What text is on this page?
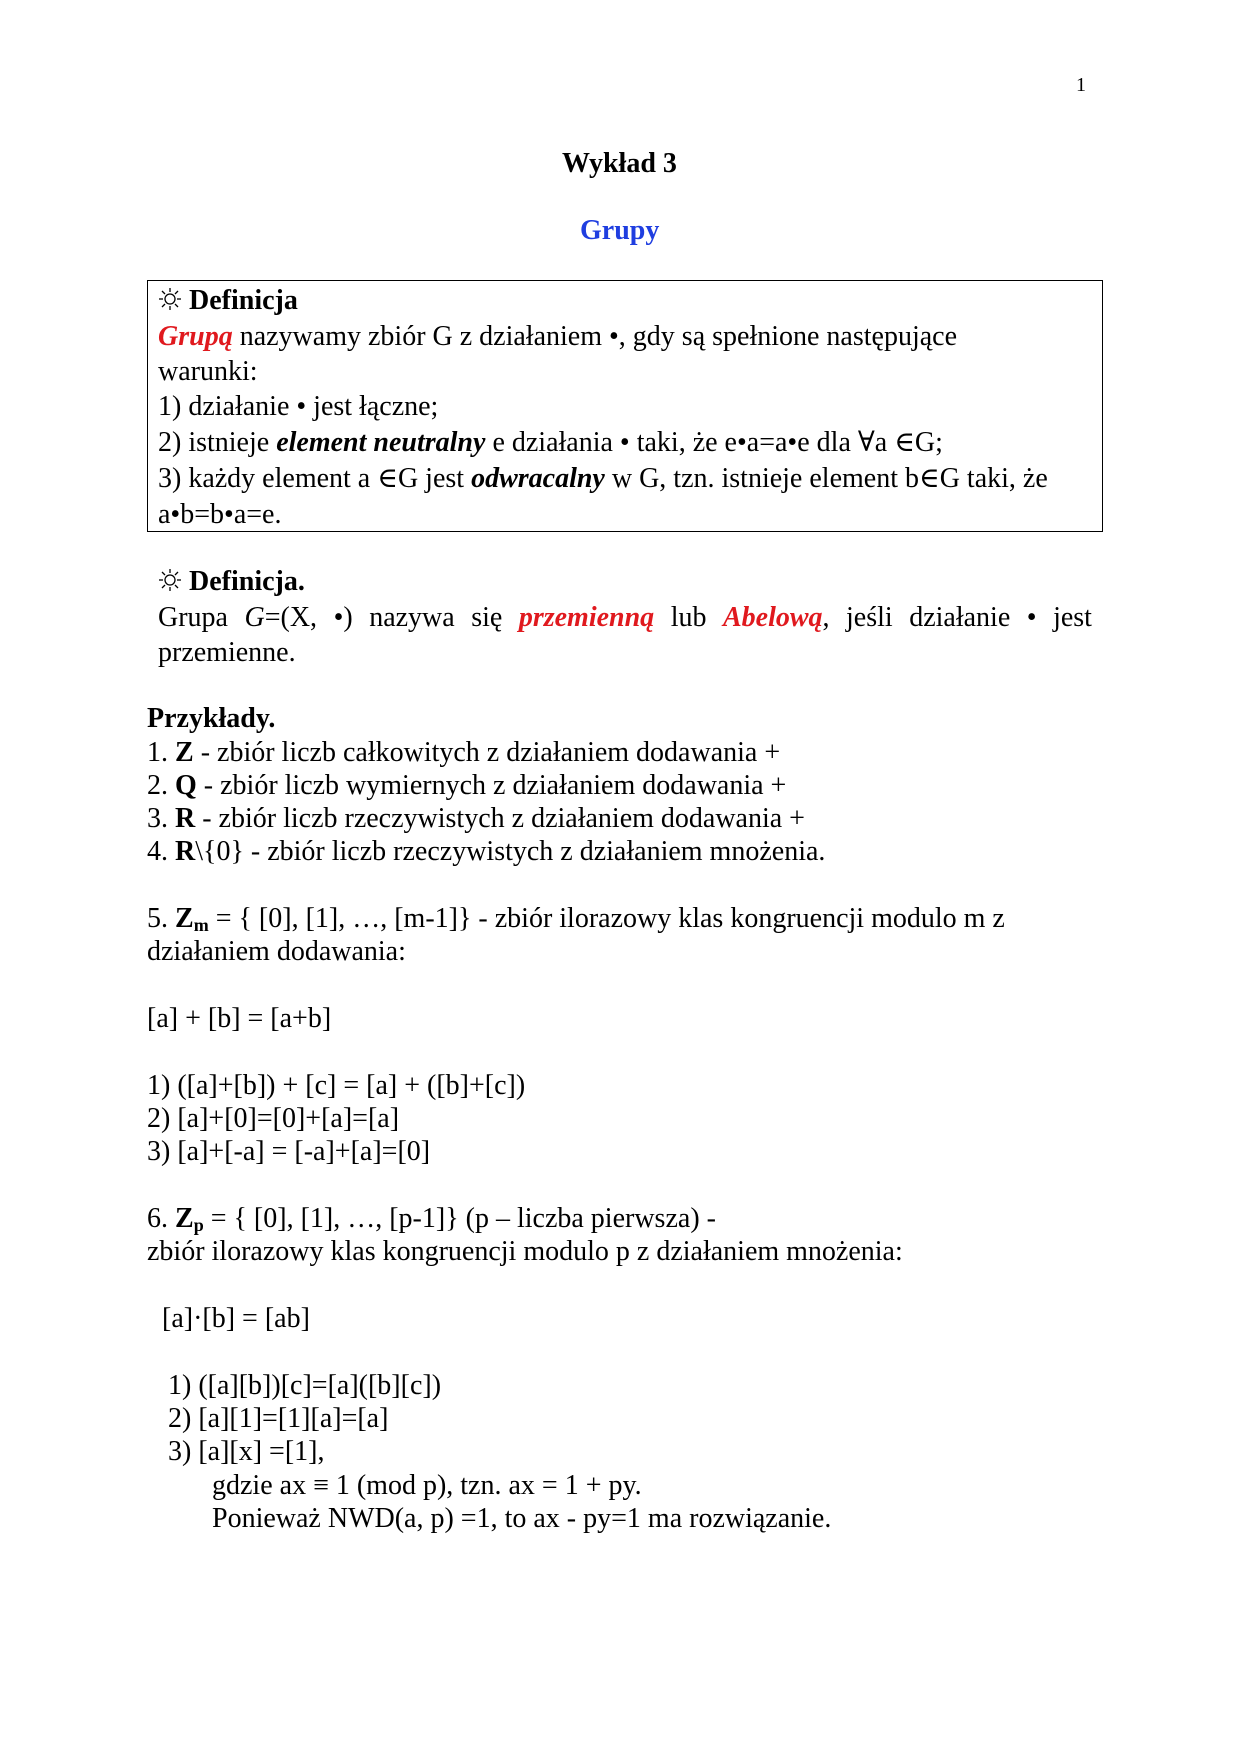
1
Wykład 3
Grupy
Definicja
Grupą nazywamy zbiór G z działaniem •, gdy są spełnione następujące
warunki:
1) działanie • jest łączne;
2) istnieje element neutralny e działania • taki, że e•a=a•e dla ∀a ∈G;
3) każdy element a ∈G jest odwracalny w G, tzn. istnieje element b∈G taki, że
a•b=b•a=e.
Definicja.
Grupa G=(X, •) nazywa się przemienną lub Abelową, jeśli działanie • jest
przemienne.
Przykłady.
1. Z - zbiór liczb całkowitych z działaniem dodawania +
2. Q - zbiór liczb wymiernych z działaniem dodawania +
3. R - zbiór liczb rzeczywistych z działaniem dodawania +
4. R\{0} - zbiór liczb rzeczywistych z działaniem mnożenia.
5. $Z_m$ = { [0], [1], …, [m-1]} - zbiór ilorazowy klas kongruencji modulo m z
działaniem dodawania:
[a] + [b] = [a+b]
1) ([a]+[b]) + [c] = [a] + ([b]+[c])
2) [a]+[0]=[0]+[a]=[a]
3) [a]+[-a] = [-a]+[a]=[0]
6. $Z_p$ = { [0], [1], …, [p-1]} (p – liczba pierwsza) -
zbiór ilorazowy klas kongruencji modulo p z działaniem mnożenia:
[a]·[b] = [ab]
1) ([a][b])[c]=[a]([b][c])
2) [a][1]=[1][a]=[a]
3) [a][x] =[1],
gdzie ax ≡ 1 (mod p), tzn. ax = 1 + py.
Ponieważ NWD(a, p) =1, to ax - py=1 ma rozwiązanie.
